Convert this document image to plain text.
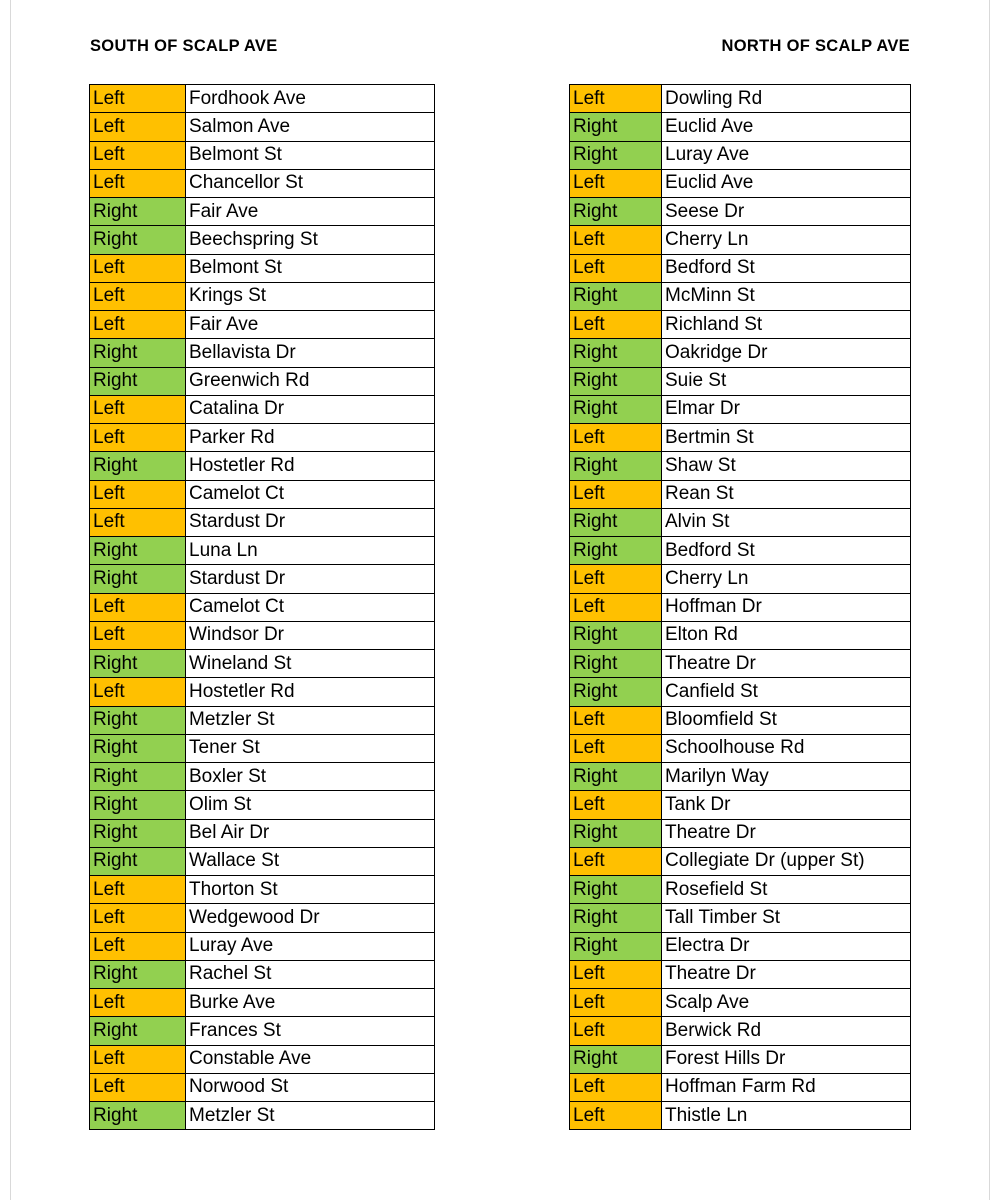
SOUTH OF SCALP AVE	NORTH OF SCALP AVE
Left	Fordhook Ave
Left	Salmon Ave
Left	Belmont St
Left	Chancellor St
Right	Fair Ave
Right	Beechspring St
Left	Belmont St
Left	Krings St
Left	Fair Ave
Right	Bellavista Dr
Right	Greenwich Rd
Left	Catalina Dr
Left	Parker Rd
Right	Hostetler Rd
Left	Camelot Ct
Left	Stardust Dr
Right	Luna Ln
Right	Stardust Dr
Left	Camelot Ct
Left	Windsor Dr
Right	Wineland St
Left	Hostetler Rd
Right	Metzler St
Right	Tener St
Right	Boxler St
Right	Olim St
Right	Bel Air Dr
Right	Wallace St
Left	Thorton St
Left	Wedgewood Dr
Left	Luray Ave
Right	Rachel St
Left	Burke Ave
Right	Frances St
Left	Constable Ave
Left	Norwood St
Right	Metzler St
Left	Dowling Rd
Right	Euclid Ave
Right	Luray Ave
Left	Euclid Ave
Right	Seese Dr
Left	Cherry Ln
Left	Bedford St
Right	McMinn St
Left	Richland St
Right	Oakridge Dr
Right	Suie St
Right	Elmar Dr
Left	Bertmin St
Right	Shaw St
Left	Rean St
Right	Alvin St
Right	Bedford St
Left	Cherry Ln
Left	Hoffman Dr
Right	Elton Rd
Right	Theatre Dr
Right	Canfield St
Left	Bloomfield St
Left	Schoolhouse Rd
Right	Marilyn Way
Left	Tank Dr
Right	Theatre Dr
Left	Collegiate Dr (upper St)
Right	Rosefield St
Right	Tall Timber St
Right	Electra Dr
Left	Theatre Dr
Left	Scalp Ave
Left	Berwick Rd
Right	Forest Hills Dr
Left	Hoffman Farm Rd
Left	Thistle Ln
